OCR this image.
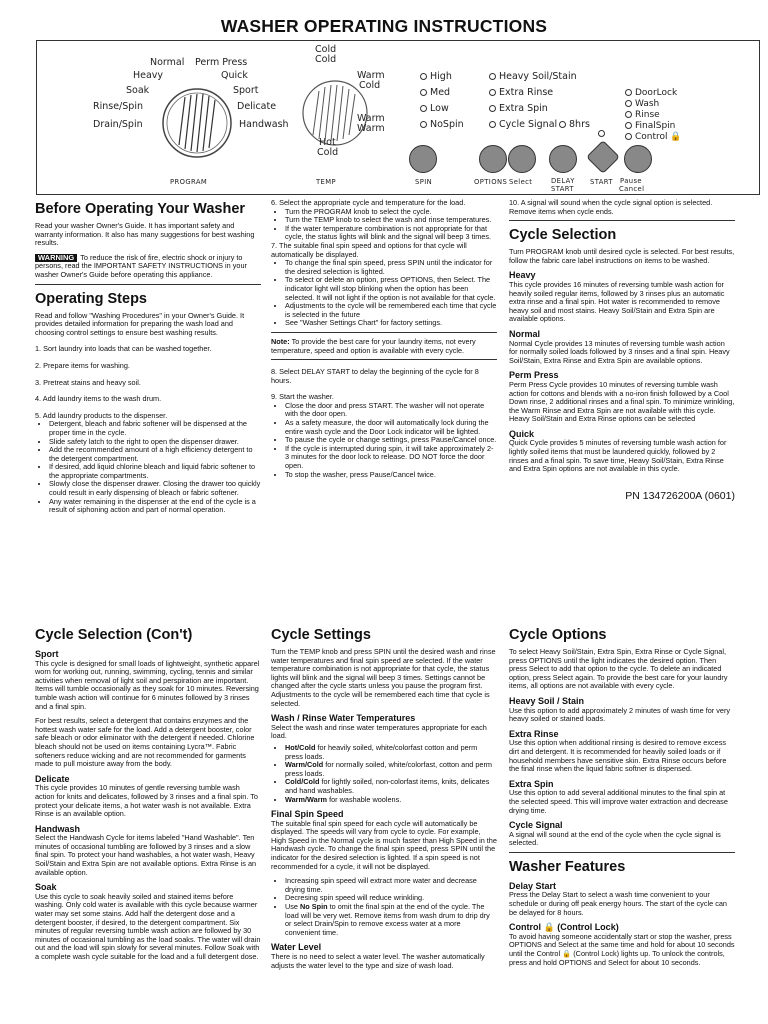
WASHER OPERATING INSTRUCTIONS
Normal Perm Press
Heavy	Quick
Soak	Sport
Rinse/Spin	Delicate
Drain/Spin	Handwash
PROGRAM
Cold
Cold
Warm
Cold
Warm
Warm
Hot
Cold
TEMP
High
Med
Low
NoSpin
Heavy Soil/Stain
Extra Rinse
Extra Spin
Cycle Signal	8hrs
DoorLock
Wash
Rinse
FinalSpin
Control 🔒
SPIN	OPTIONS Select	DELAY
START
START Pause
Cancel
Before Operating Your Washer
Read your washer Owner's Guide. It has important safety and warranty information. It also has many suggestions for best washing results.
WARNING To reduce the risk of fire, electric shock or injury to persons, read the IMPORTANT SAFETY INSTRUCTIONS in your washer Owner's Guide before operating this appliance.
Operating Steps
Read and follow "Washing Procedures" in your Owner's Guide. It provides detailed information for preparing the wash load and choosing control settings to ensure best washing results.
1. Sort laundry into loads that can be washed together.
2. Prepare items for washing.
3. Pretreat stains and heavy soil.
4. Add laundry items to the wash drum.
5. Add laundry products to the dispenser.
• Detergent, bleach and fabric softener will be dispensed at the proper time in the cycle.
• Slide safety latch to the right to open the dispenser drawer.
• Add the recommended amount of a high efficiency detergent to the detergent compartment.
• If desired, add liquid chlorine bleach and liquid fabric softener to the appropriate compartments.
• Slowly close the dispenser drawer. Closing the drawer too quickly could result in early dispensing of bleach or fabric softener.
• Any water remaining in the dispenser at the end of the cycle is a result of siphoning action and part of normal operation.
6. Select the appropriate cycle and temperature for the load.
• Turn the PROGRAM knob to select the cycle.
• Turn the TEMP knob to select the wash and rinse temperatures.
• If the water temperature combination is not appropriate for that cycle, the status lights will blink and the signal will beep 3 times.
7. The suitable final spin speed and options for that cycle will automatically be displayed.
• To change the final spin speed, press SPIN until the indicator for the desired selection is lighted.
• To select or delete an option, press OPTIONS, then Select. The indicator light will stop blinking when the option has been selected. It will not light if the option is not available for that cycle.
• Adjustments to the cycle will be remembered each time that cycle is selected in the future
• See "Washer Settings Chart" for factory settings.
Note: To provide the best care for your laundry items, not every temperature, speed and option is available with every cycle.
8. Select DELAY START to delay the beginning of the cycle for 8 hours.
9. Start the washer.
• Close the door and press START. The washer will not operate with the door open.
• As a safety measure, the door will automatically lock during the entire wash cycle and the Door Lock indicator will be lighted.
• To pause the cycle or change settings, press Pause/Cancel once.
• If the cycle is interrupted during spin, it will take approximately 2-3 minutes for the door lock to release. DO NOT force the door open.
• To stop the washer, press Pause/Cancel twice.
10. A signal will sound when the cycle signal option is selected. Remove items when cycle ends.
Cycle Selection
Turn PROGRAM knob until desired cycle is selected. For best results, follow the fabric care label instructions on items to be washed.
Heavy
This cycle provides 16 minutes of reversing tumble wash action for heavily soiled regular items, followed by 3 rinses plus an automatic extra rinse and a final spin. Hot water is recommended to remove heavy soil and most stains. Heavy Soil/Stain and Extra Spin are available options.
Normal
Normal Cycle provides 13 minutes of reversing tumble wash action for normally soiled loads followed by 3 rinses and a final spin. Heavy Soil/Stain, Extra Rinse and Extra Spin are available options.
Perm Press
Perm Press Cycle provides 10 minutes of reversing tumble wash action for cottons and blends with a no-iron finish followed by a Cool Down rinse, 2 additional rinses and a final spin. To minimize wrinkling, the Warm Rinse and Extra Spin are not available with this cycle. Heavy Soil/Stain and Extra Rinse options can be selected
Quick
Quick Cycle provides 5 minutes of reversing tumble wash action for lightly soiled items that must be laundered quickly, followed by 2 rinses and a final spin. To save time, Heavy Soil/Stain, Extra Rinse and Extra Spin options are not available in this cycle.
PN 134726200A (0601)
Cycle Selection (Con't)
Sport
This cycle is designed for small loads of lightweight, synthetic apparel worn for working out, running, swimming, cycling, tennis and similar activities when removal of light soil and perspiration are important. Items will tumble occasionally as they soak for 10 minutes. Reversing tumble wash action will continue for 6 minutes followed by 3 rinses and a final spin.
For best results, select a detergent that contains enzymes and the hottest wash water safe for the load. Add a detergent booster, color safe bleach or odor eliminator with the detergent if needed. Chlorine bleach should not be used on items containing Lycra™. Fabric softeners reduce wicking and are not recommended for garments made to pull moisture away from the body.
Delicate
This cycle provides 10 minutes of gentle reversing tumble wash action for knits and delicates, followed by 3 rinses and a final spin. To protect your delicate items, a hot water wash is not available. Extra Rinse is an available option.
Handwash
Select the Handwash Cycle for items labeled "Hand Washable". Ten minutes of occasional tumbling are followed by 3 rinses and a slow final spin. To protect your hand washables, a hot water wash, Heavy Soil/Stain and Extra Spin are not available options. Extra Rinse is an available option.
Soak
Use this cycle to soak heavily soiled and stained items before washing. Only cold water is available with this cycle because warmer water may set some stains. Add half the detergent dose and a detergent booster, if desired, to the detergent compartment. Six minutes of regular reversing tumble wash action are followed by 30 minutes of occasional tumbling as the load soaks. The water will drain out and the load will spin slowly for several minutes. Follow Soak with a complete wash cycle suitable for the load and a full detergent dose.
Cycle Settings
Turn the TEMP knob and press SPIN until the desired wash and rinse water temperatures and final spin speed are selected. If the water temperature combination is not appropriate for that cycle, the status lights will blink and the signal will beep 3 times. Settings cannot be changed after the cycle starts unless you pause the program first. Adjustments to the cycle will be remembered each time that cycle is selected.
Wash / Rinse Water Temperatures
Select the wash and rinse water temperatures appropriate for each load.
• Hot/Cold for heavily soiled, white/colorfast cotton and perm press loads.
• Warm/Cold for normally soiled, white/colorfast, cotton and perm press loads.
• Cold/Cold for lightly soiled, non-colorfast items, knits, delicates and hand washables.
• Warm/Warm for washable woolens.
Final Spin Speed
The suitable final spin speed for each cycle will automatically be displayed. The speeds will vary from cycle to cycle. For example, High Speed in the Normal cycle is much faster than High Speed in the Handwash cycle. To change the final spin speed, press SPIN until the indicator for the desired selection is lighted. If a spin speed is not recommended for a cycle, it will not be displayed.
• Increasing spin speed will extract more water and decrease drying time.
• Decresing spin speed will reduce wrinkling.
• Use No Spin to omit the final spin at the end of the cycle. The load will be very wet. Remove items from wash drum to drip dry or select Drain/Spin to remove excess water at a more convenient time.
Water Level
There is no need to select a water level. The washer automatically adjusts the water level to the type and size of wash load.
Cycle Options
To select Heavy Soil/Stain, Extra Spin, Extra Rinse or Cycle Signal, press OPTIONS until the light indicates the desired option. Then press Select to add that option to the cycle. To delete an indicated option, press Select again. To provide the best care for your laundry items, all options are not available with every cycle.
Heavy Soil / Stain
Use this option to add approximately 2 minutes of wash time for very heavy soiled or stained loads.
Extra Rinse
Use this option when additional rinsing is desired to remove excess dirt and detergent. It is recommended for heavily soiled loads or if household members have sensitive skin. Extra Rinse occurs before the final rinse when the liquid fabric softner is dispensed.
Extra Spin
Use this option to add several additional minutes to the final spin at the selected speed. This will improve water extraction and decrease drying time.
Cycle Signal
A signal will sound at the end of the cycle when the cycle signal is selected.
Washer Features
Delay Start
Press the Delay Start to select a wash time convenient to your schedule or during off peak energy hours. The start of the cycle can be delayed for 8 hours.
Control 🔒 (Control Lock)
To avoid having someone accidentally start or stop the washer, press OPTIONS and Select at the same time and hold for about 10 seconds until the Control 🔒 (Control Lock) lights up. To unlock the controls, press and hold OPTIONS and Select for about 10 seconds.
